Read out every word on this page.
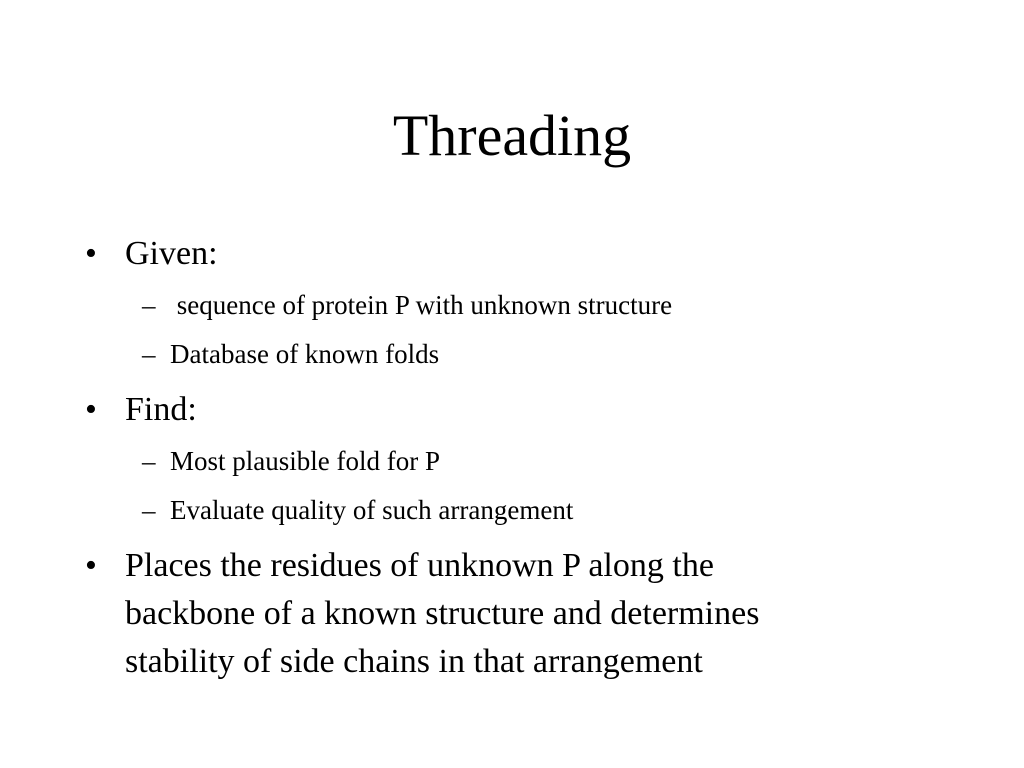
Threading
• Given:
– sequence of protein P with unknown structure
– Database of known folds
• Find:
– Most plausible fold for P
– Evaluate quality of such arrangement
• Places the residues of unknown P along the
backbone of a known structure and determines
stability of side chains in that arrangement
